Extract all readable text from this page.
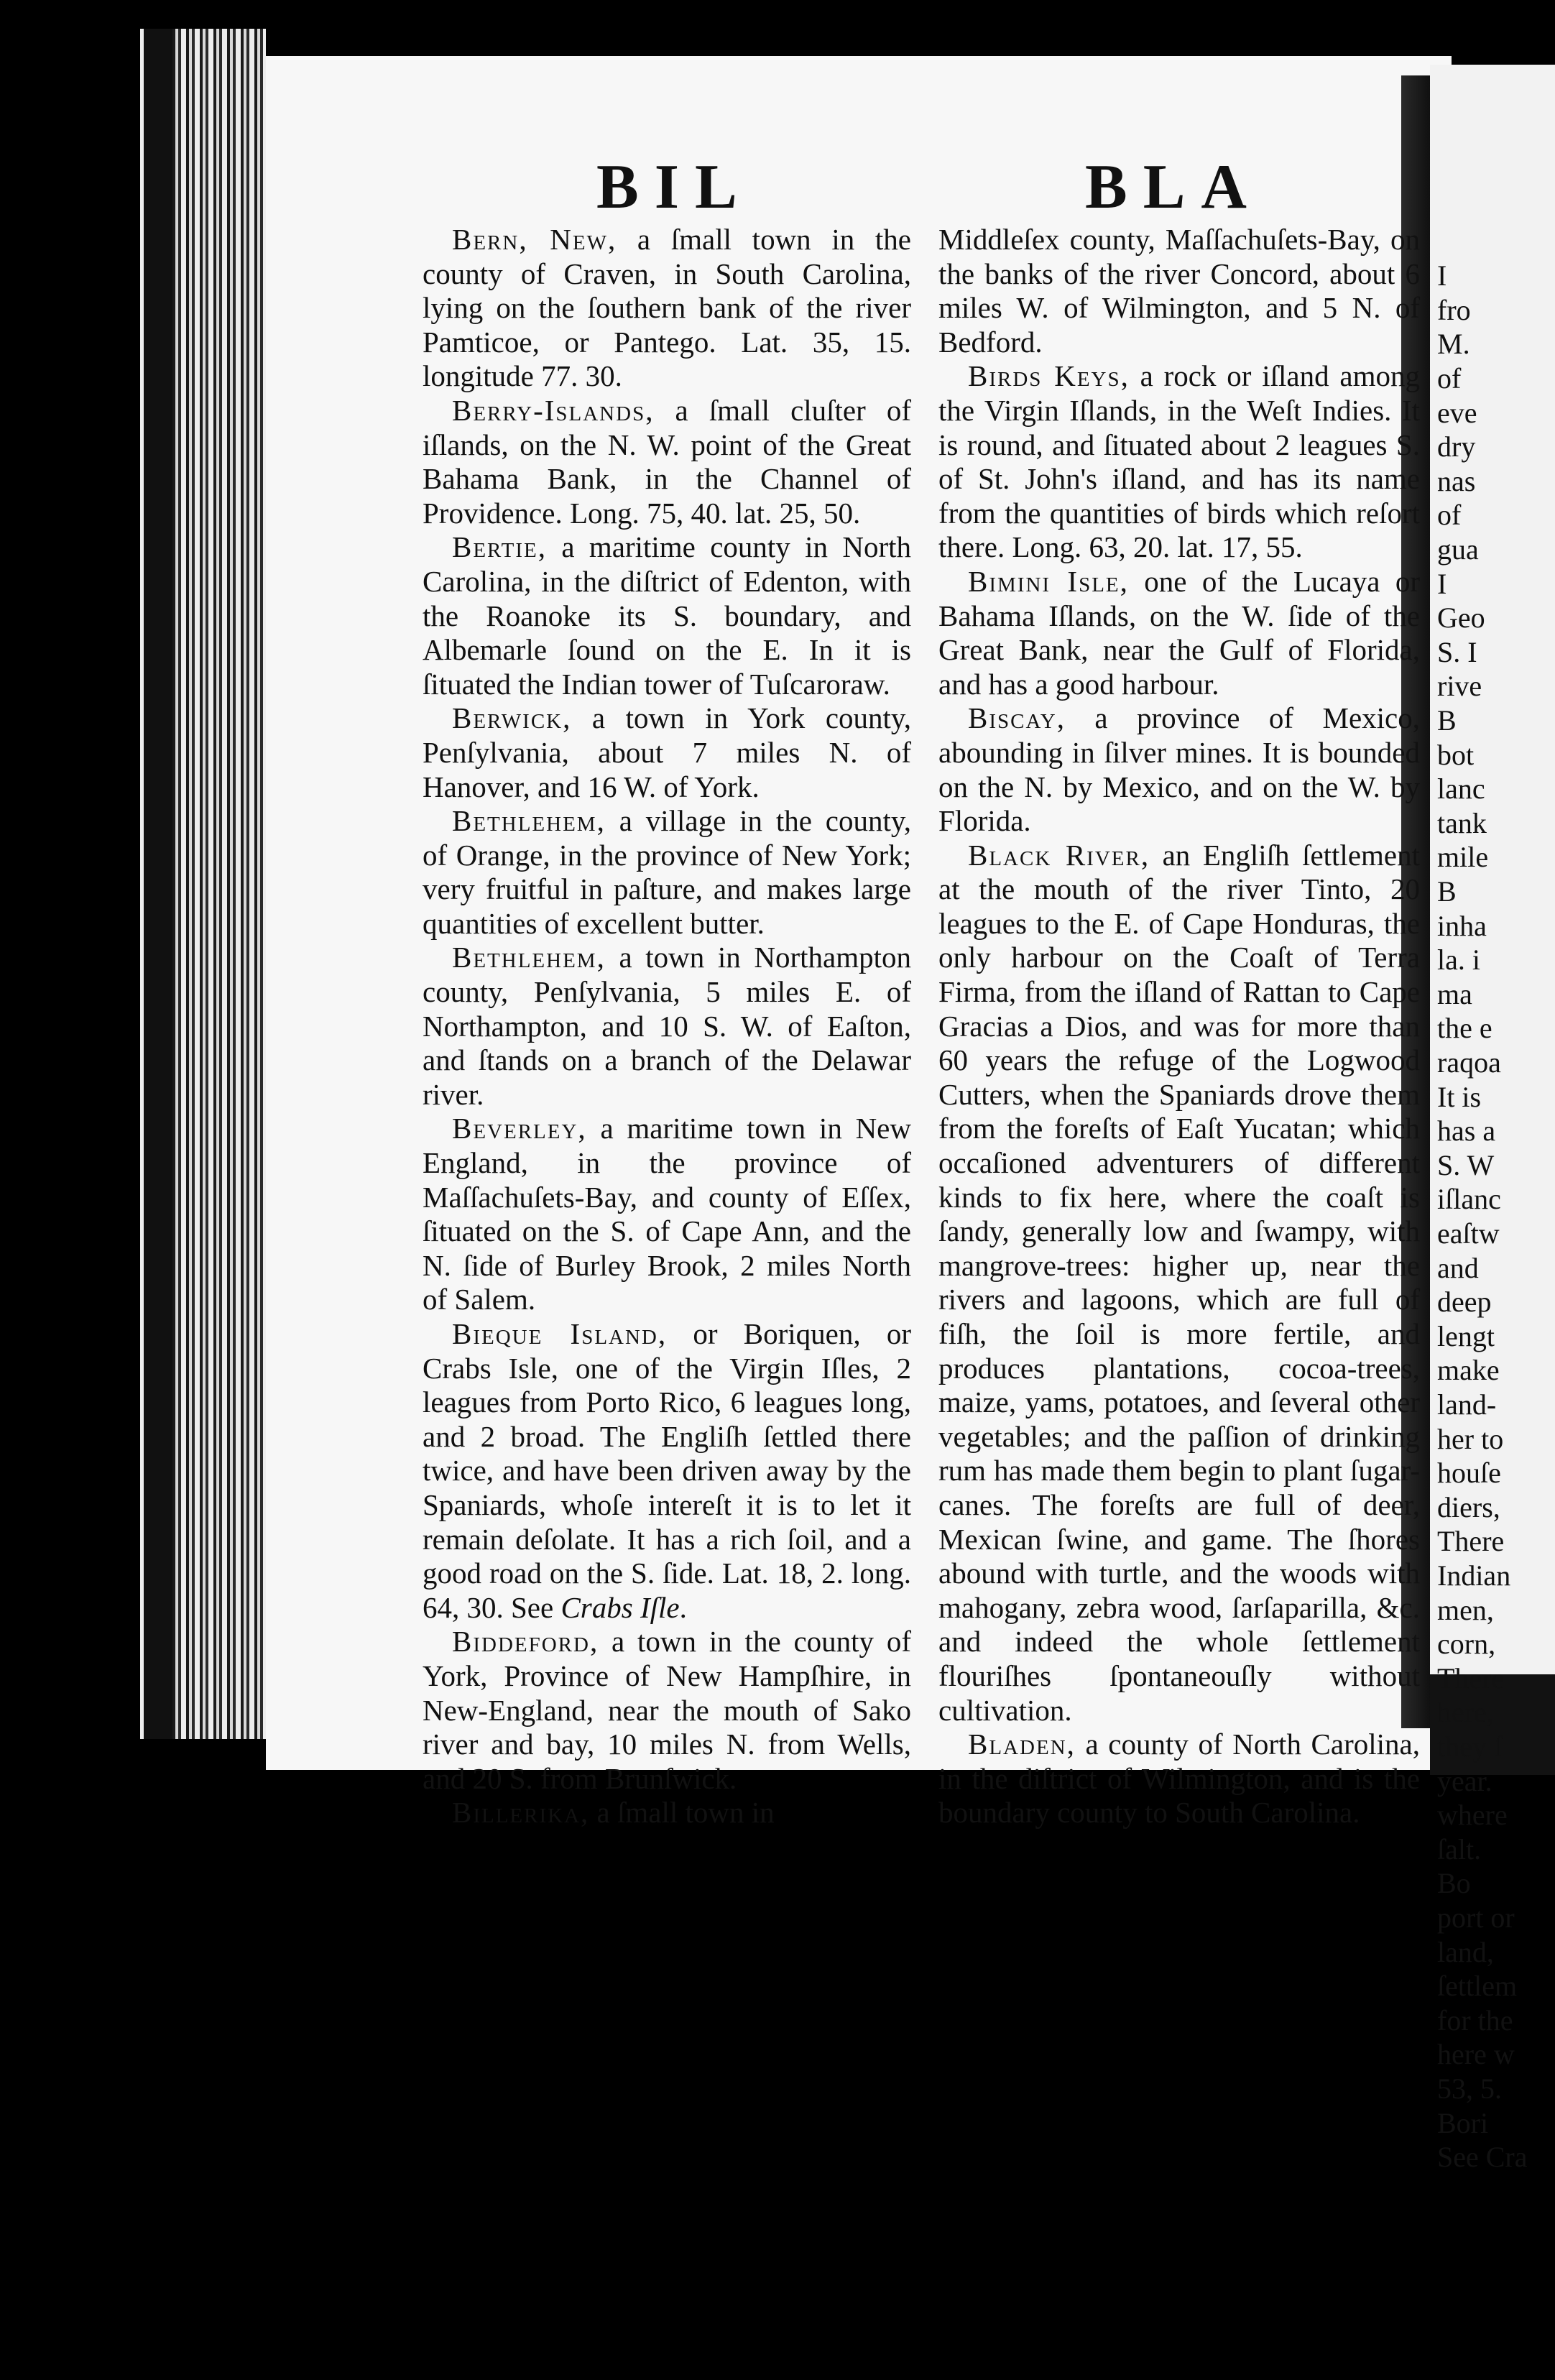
BIL	BLA

Bern, New, a ſmall town in the county of Craven, in South Carolina, lying on the ſouthern bank of the river Pamticoe, or Pantego. Lat. 35, 15. longitude 77. 30.

Berry-Islands, a ſmall cluſter of iſlands, on the N. W. point of the Great Bahama Bank, in the Channel of Providence. Long. 75, 40. lat. 25, 50.

Bertie, a maritime county in North Carolina, in the diſtrict of Edenton, with the Roanoke its S. boundary, and Albemarle ſound on the E. In it is ſituated the Indian tower of Tuſcaroraw.

Berwick, a town in York county, Penſylvania, about 7 miles N. of Hanover, and 16 W. of York.

Bethlehem, a village in the county, of Orange, in the province of New York; very fruitful in paſture, and makes large quantities of excellent butter.

Bethlehem, a town in Northampton county, Penſylvania, 5 miles E. of Northampton, and 10 S. W. of Eaſton, and ſtands on a branch of the Delawar river.

Beverley, a maritime town in New England, in the province of Maſſachuſets-Bay, and county of Eſſex, ſituated on the S. of Cape Ann, and the N. ſide of Burley Brook, 2 miles North of Salem.

Bieque Island, or Boriquen, or Crabs Isle, one of the Virgin Iſles, 2 leagues from Porto Rico, 6 leagues long, and 2 broad. The Engliſh ſettled there twice, and have been driven away by the Spaniards, whoſe intereſt it is to let it remain deſolate. It has a rich ſoil, and a good road on the S. ſide. Lat. 18, 2. long. 64, 30. See Crabs Iſle.

Biddeford, a town in the county of York, Province of New Hampſhire, in New-England, near the mouth of Sako river and bay, 10 miles N. from Wells, and 20 S. from Brunſwick.

Billerika, a ſmall town in

Middleſex county, Maſſachuſets-Bay, on the banks of the river Concord, about 6 miles W. of Wilmington, and 5 N. of Bedford.

Birds Keys, a rock or iſland among the Virgin Iſlands, in the Weſt Indies. It is round, and ſituated about 2 leagues S. of St. John's iſland, and has its name from the quantities of birds which reſort there. Long. 63, 20. lat. 17, 55.

Bimini Isle, one of the Lucaya or Bahama Iſlands, on the W. ſide of the Great Bank, near the Gulf of Florida, and has a good harbour.

Biscay, a province of Mexico, abounding in ſilver mines. It is bounded on the N. by Mexico, and on the W. by Florida.

Black River, an Engliſh ſettlement at the mouth of the river Tinto, 20 leagues to the E. of Cape Honduras, the only harbour on the Coaſt of Terra Firma, from the iſland of Rattan to Cape Gracias a Dios, and was for more than 60 years the refuge of the Logwood Cutters, when the Spaniards drove them from the foreſts of Eaſt Yucatan; which occaſioned adventurers of different kinds to fix here, where the coaſt is ſandy, generally low and ſwampy, with mangrove-trees: higher up, near the rivers and lagoons, which are full of fiſh, the ſoil is more fertile, and produces plantations, cocoa-trees, maize, yams, potatoes, and ſeveral other vegetables; and the paſſion of drinking rum has made them begin to plant ſugar-canes. The foreſts are full of deer, Mexican ſwine, and game. The ſhores abound with turtle, and the woods with mahogany, zebra wood, ſarſaparilla, &c. and indeed the whole ſettlement flouriſhes ſpontaneouſly without cultivation.

Bladen, a county of North Carolina, in the diſtrict of Wilmington, and is the boundary county to South Carolina.

I
fro
M.
of
eve
dry
nas
of
gua
I
Geo
S. I
rive
B
bot
lanc
tank
mile
B
inha
la. i
ma
the e
raqoa
It is
has a
S. W
iſlanc
eaſtw
and
deep
lengt
make
land-
her to
houſe
diers,
There
Indian
men,
corn,
There
here,
they ſ
year.
where
ſalt.
Bo
port or
land,
ſettlem
for the
here w
53, 5.
Bori
See Cra
